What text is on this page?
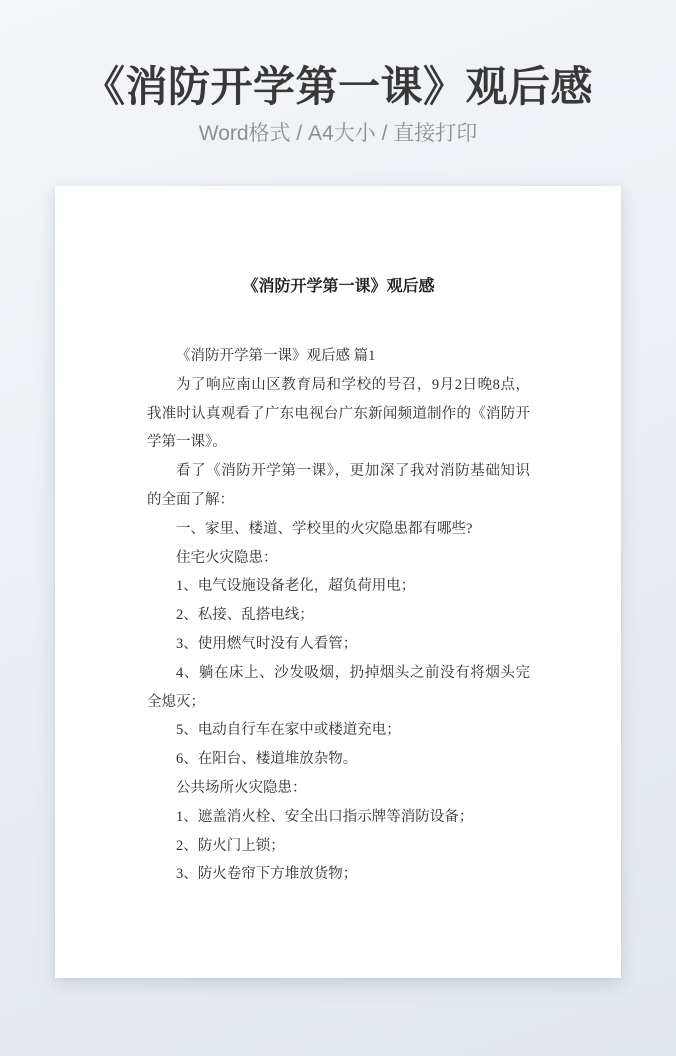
《消防开学第一课》观后感

Word格式 / A4大小 / 直接打印

《消防开学第一课》观后感

《消防开学第一课》观后感 篇1

为了响应南山区教育局和学校的号召，9月2日晚8点，我准时认真观看了广东电视台广东新闻频道制作的《消防开学第一课》。

看了《消防开学第一课》，更加深了我对消防基础知识的全面了解：

一、家里、楼道、学校里的火灾隐患都有哪些?

住宅火灾隐患：

1、电气设施设备老化，超负荷用电；

2、私接、乱搭电线；

3、使用燃气时没有人看管；

4、躺在床上、沙发吸烟，扔掉烟头之前没有将烟头完全熄灭；

5、电动自行车在家中或楼道充电；

6、在阳台、楼道堆放杂物。

公共场所火灾隐患：

1、遮盖消火栓、安全出口指示牌等消防设备；

2、防火门上锁；

3、防火卷帘下方堆放货物；
